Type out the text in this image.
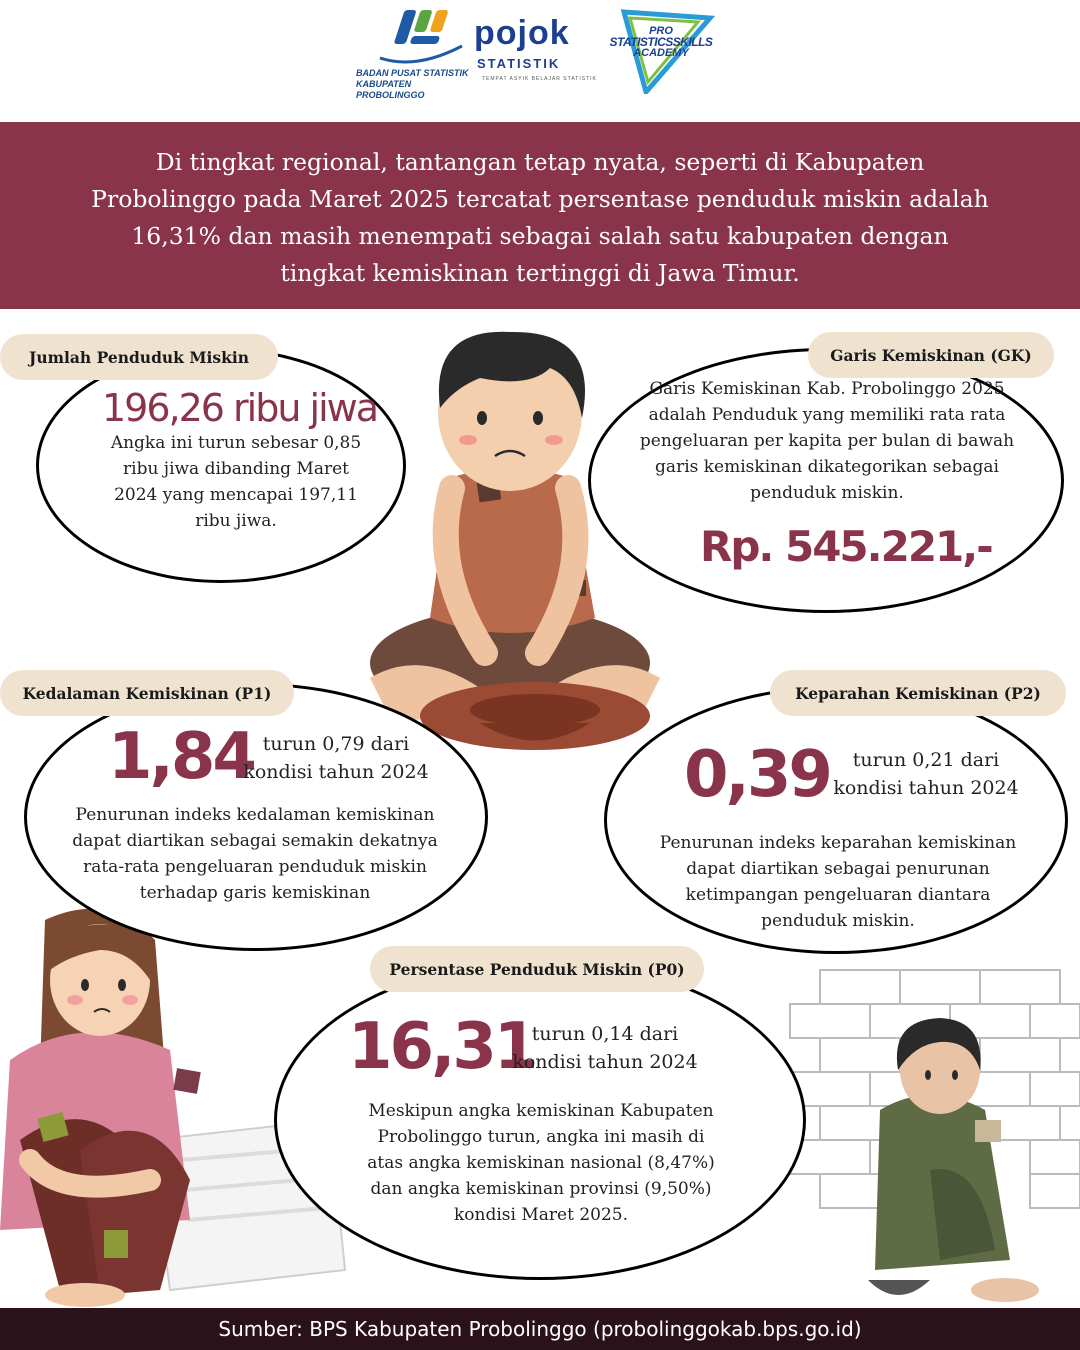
BADAN PUSAT STATISTIK
KABUPATEN PROBOLINGGO
pojok
STATISTIK
TEMPAT ASYIK BELAJAR STATISTIK
PRO
STATISTICSSKILLS
ACADEMY

Di tingkat regional, tantangan tetap nyata, seperti di Kabupaten Probolinggo pada Maret 2025 tercatat persentase penduduk miskin adalah 16,31% dan masih menempati sebagai salah satu kabupaten dengan tingkat kemiskinan tertinggi di Jawa Timur.

Jumlah Penduduk Miskin
196,26 ribu jiwa
Angka ini turun sebesar 0,85 ribu jiwa dibanding Maret 2024 yang mencapai 197,11 ribu jiwa.
Garis Kemiskinan (GK)
Garis Kemiskinan Kab. Probolinggo 2025 adalah Penduduk yang memiliki rata rata pengeluaran per kapita per bulan di bawah garis kemiskinan dikategorikan sebagai penduduk miskin.
Rp. 545.221,-
Kedalaman Kemiskinan (P1)
1,84 turun 0,79 dari kondisi tahun 2024
Penurunan indeks kedalaman kemiskinan dapat diartikan sebagai semakin dekatnya rata-rata pengeluaran penduduk miskin terhadap garis kemiskinan
Keparahan Kemiskinan (P2)
0,39	turun 0,21 dari kondisi tahun 2024
Penurunan indeks keparahan kemiskinan dapat diartikan sebagai penurunan ketimpangan pengeluaran diantara penduduk miskin.
Persentase Penduduk Miskin (P0)
16,31
turun 0,14 dari kondisi tahun 2024
Meskipun angka kemiskinan Kabupaten Probolinggo turun, angka ini masih di atas angka kemiskinan nasional (8,47%) dan angka kemiskinan provinsi (9,50%) kondisi Maret 2025.
Sumber: BPS Kabupaten Probolinggo (probolinggokab.bps.go.id)
